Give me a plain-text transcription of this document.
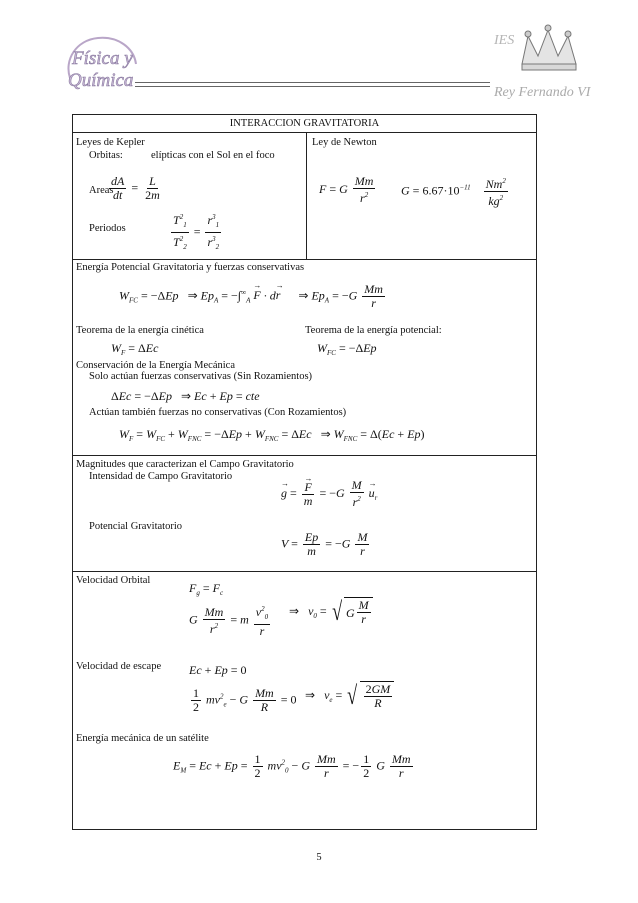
Física y
Química
IES
Rey Fernando VI
INTERACCION GRAVITATORIA
Leyes de Kepler
Orbitas:	elípticas con el Sol en el foco
Areas
$\frac{dA}{dt} = \frac{L}{2m}$
Periodos	$\frac{T^2_1}{T^2_2} = \frac{r^3_1}{r^3_2}$
Ley de Newton
F = G $\frac{Mm}{r^2}$ $G = 6.67\cdot 10^{-11} \frac{Nm^2}{kg^2}$
Energía Potencial Gravitatoria y fuerzas conservativas
$W_{FC} = -\Delta Ep$   ⇒ $Ep_A = -\int^\infty_A \to F \cdot d\to r$ ⇒ $Ep_A = -G \frac{Mm}{r}$
Teorema de la energía cinética	Teorema de la energía potencial:
$W_F = \Delta Ec$	$W_{FC} = -\Delta Ep$
Conservación de la Energía Mecánica
Solo actúan fuerzas conservativas (Sin Rozamientos)
ΔEc = −ΔEp   ⇒ Ec + Ep = cte
Actúan también fuerzas no conservativas (Con Rozamientos)
$W_F = W_{FC} + W_{FNC} = -\Delta Ep + W_{FNC} = \Delta Ec$   ⇒ $W_{FNC} = \Delta(Ec + Ep)$
Magnitudes que caracterizan el Campo Gravitatorio
Intensidad de Campo Gravitatorio
→ g =
→ $\frac{F}{m} = -G \frac{M}{r^2}$
→ $u_r$
Potencial Gravitatorio
$V = \frac{Ep}{m} = -G \frac{M}{r}$
Velocidad Orbital
$F_g = F_c$
G $\frac{Mm}{r^2} = m \frac{v^2_0}{r}$ ⇒   $v_0$ = √ G $\frac{M}{r}$
Velocidad de escape Ec + Ep = 0
$\frac{1}{2} mv^2_e - G \frac{Mm}{R} = 0$ ⇒   $v_e$ = √ $\frac{2GM}{R}$
Energía mecánica de un satélite
$E_M = Ec + Ep = \frac{1}{2} mv^2_0 - G \frac{Mm}{r}$ = − $\frac{1}{2}$ G $\frac{Mm}{r}$
5
